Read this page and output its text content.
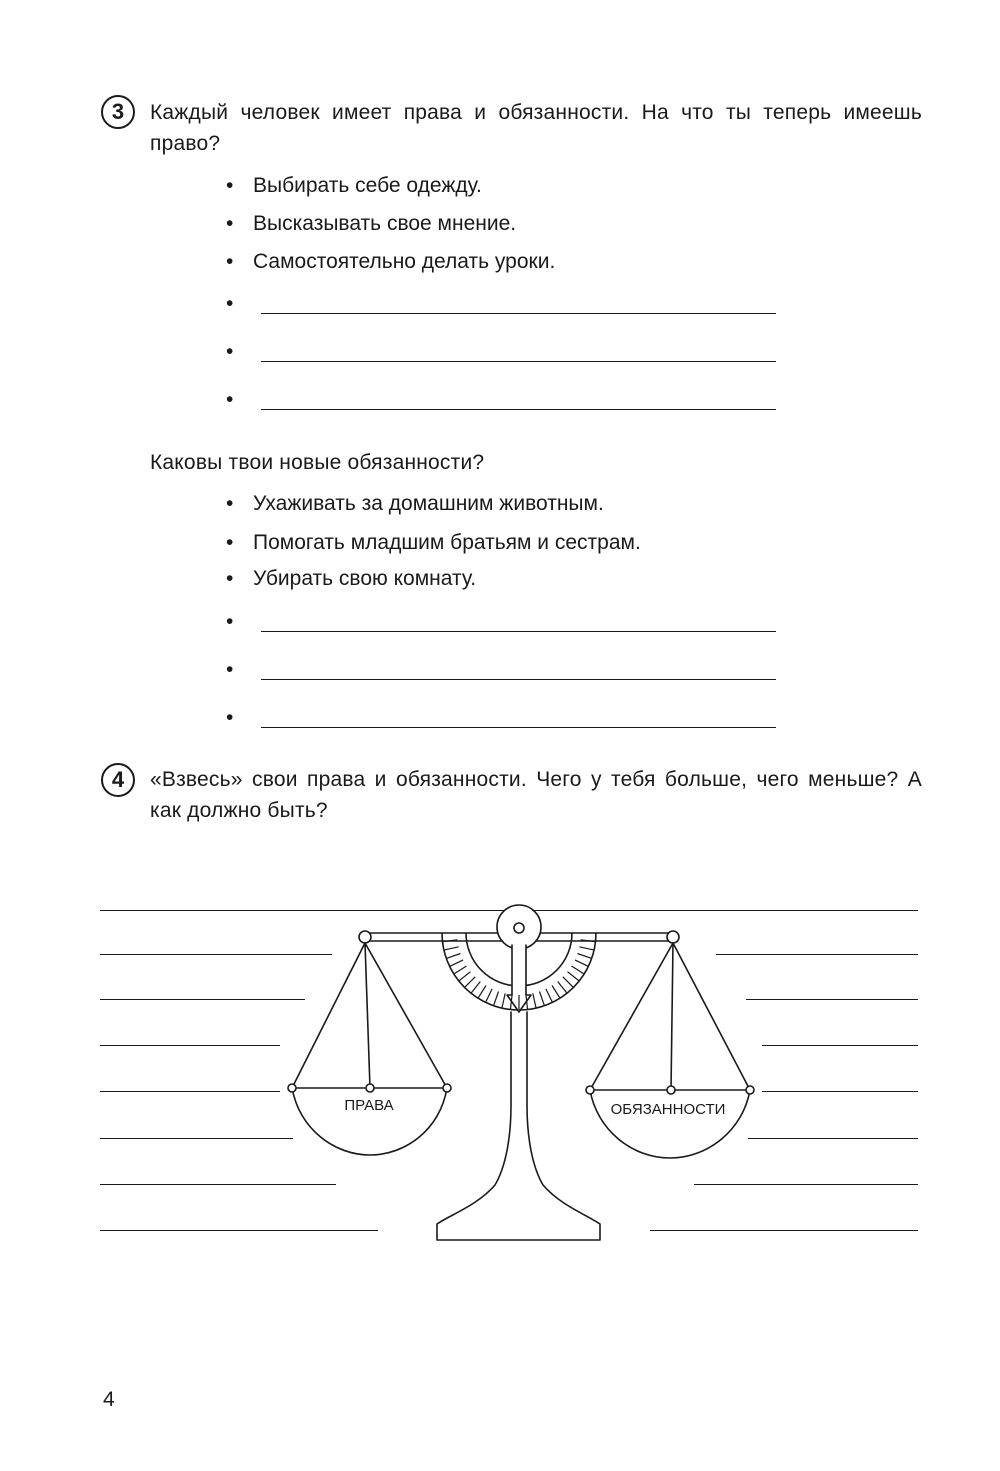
3	Каждый человек имеет права и обязанности. На что ты теперь имеешь право?
• Выбирать себе одежду.
• Высказывать свое мнение.
• Самостоятельно делать уроки.
•
•
•
Каковы твои новые обязанности?
• Ухаживать за домашним животным.
• Помогать младшим братьям и сестрам.
• Убирать свою комнату.
•
•
•
4	«Взвесь» свои права и обязанности. Чего у тебя больше, чего меньше? А как должно быть?
ПРАВА	ОБЯЗАННОСТИ
4
